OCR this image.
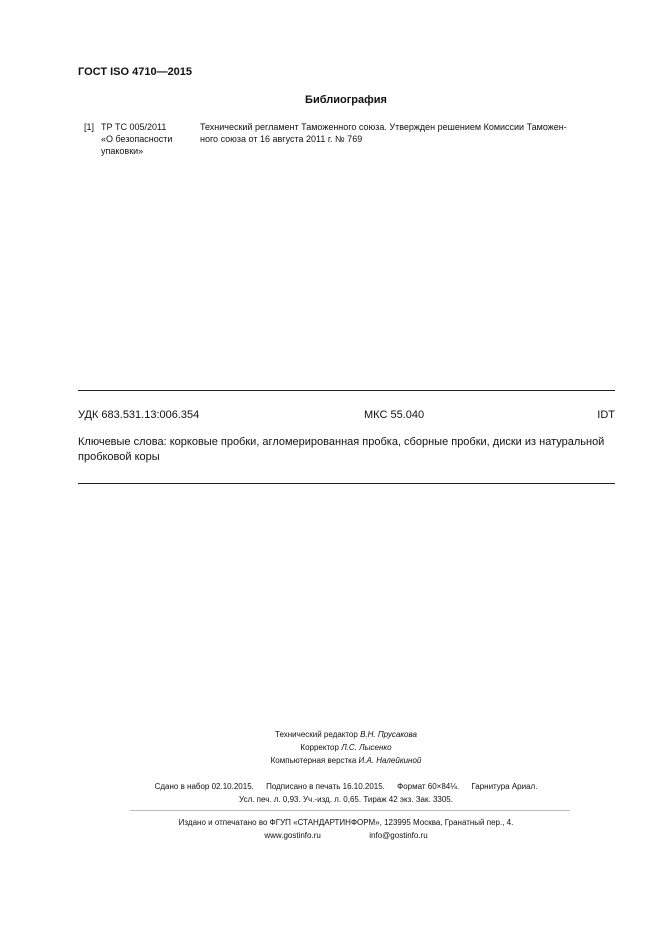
ГОСТ ISO 4710—2015
Библиография
[1] ТР ТС 005/2011
«О безопасности
упаковки»
Технический регламент Таможенного союза. Утвержден решением Комиссии Таможен-
ного союза от 16 августа 2011 г. № 769
УДК 683.531.13:006.354	МКС 55.040	IDT
Ключевые слова: корковые пробки, агломерированная пробка, сборные пробки, диски из натуральной
пробковой коры
Технический редактор В.Н. Прусакова
Корректор Л.С. Лысенко
Компьютерная верстка И.А. Налейкиной
Сдано в набор 02.10.2015. Подписано в печать 16.10.2015. Формат 60×84⅛. Гарнитура Ариал.
Усл. печ. л. 0,93. Уч.-изд. л. 0,65. Тираж 42 экз. Зак. 3305.
Издано и отпечатано во ФГУП «СТАНДАРТИНФОРМ», 123995 Москва, Гранатный пер., 4.
www.gostinfo.ru	info@gostinfo.ru
